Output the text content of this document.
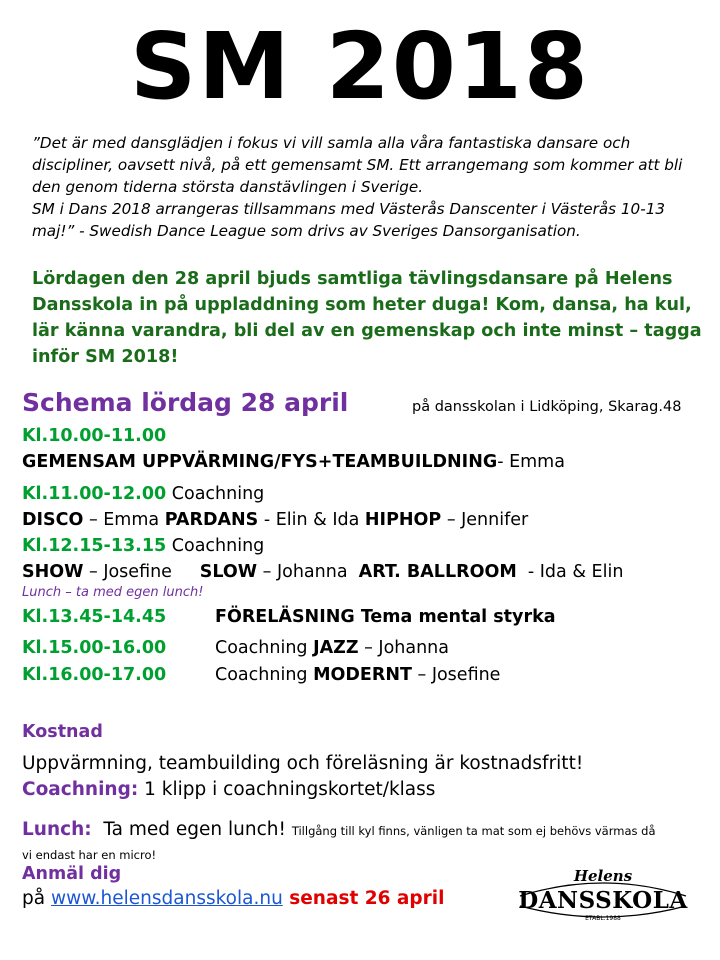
SM 2018
”Det är med dansglädjen i fokus vi vill samla alla våra fantastiska dansare och
discipliner, oavsett nivå, på ett gemensamt SM. Ett arrangemang som kommer att bli
den genom tiderna största danstävlingen i Sverige.
SM i Dans 2018 arrangeras tillsammans med Västerås Danscenter i Västerås 10-13
maj!” - Swedish Dance League som drivs av Sveriges Dansorganisation.
Lördagen den 28 april bjuds samtliga tävlingsdansare på Helens
Dansskola in på uppladdning som heter duga! Kom, dansa, ha kul,
lär känna varandra, bli del av en gemenskap och inte minst – tagga
inför SM 2018!
Schema lördag 28 april	på dansskolan i Lidköping, Skarag.48
Kl.10.00-11.00
GEMENSAM UPPVÄRMING/FYS+TEAMBUILDNING- Emma
Kl.11.00-12.00 Coachning
DISCO – Emma PARDANS - Elin & Ida HIPHOP – Jennifer
Kl.12.15-13.15 Coachning
SHOW – Josefine     SLOW – Johanna  ART. BALLROOM  - Ida & Elin
Lunch – ta med egen lunch!
Kl.13.45-14.45	FÖRELÄSNING Tema mental styrka
Kl.15.00-16.00	Coachning JAZZ – Johanna
Kl.16.00-17.00	Coachning MODERNT – Josefine
Kostnad
Uppvärmning, teambuilding och föreläsning är kostnadsfritt!
Coachning: 1 klipp i coachningskortet/klass
Lunch:  Ta med egen lunch! Tillgång till kyl finns, vänligen ta mat som ej behövs värmas då
vi endast har en micro!
Anmäl dig
på www.helensdansskola.nu senast 26 april
Helens
DANSSKOLA
ETABL.1988
